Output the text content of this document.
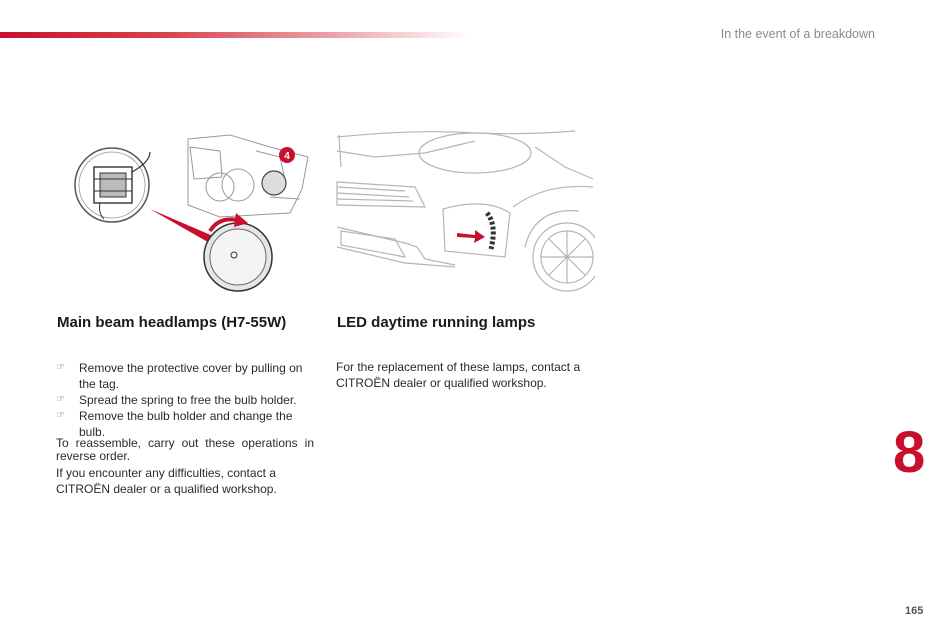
In the event of a breakdown
4
Main beam headlamps (H7-55W)	LED daytime running lamps
☞ Remove the protective cover by pulling on the tag.
☞ Spread the spring to free the bulb holder.
☞ Remove the bulb holder and change the bulb.

To reassemble, carry out these operations in reverse order.

If you encounter any difficulties, contact a CITROËN dealer or a qualified workshop.

For the replacement of these lamps, contact a CITROËN dealer or qualified workshop.

8
165
